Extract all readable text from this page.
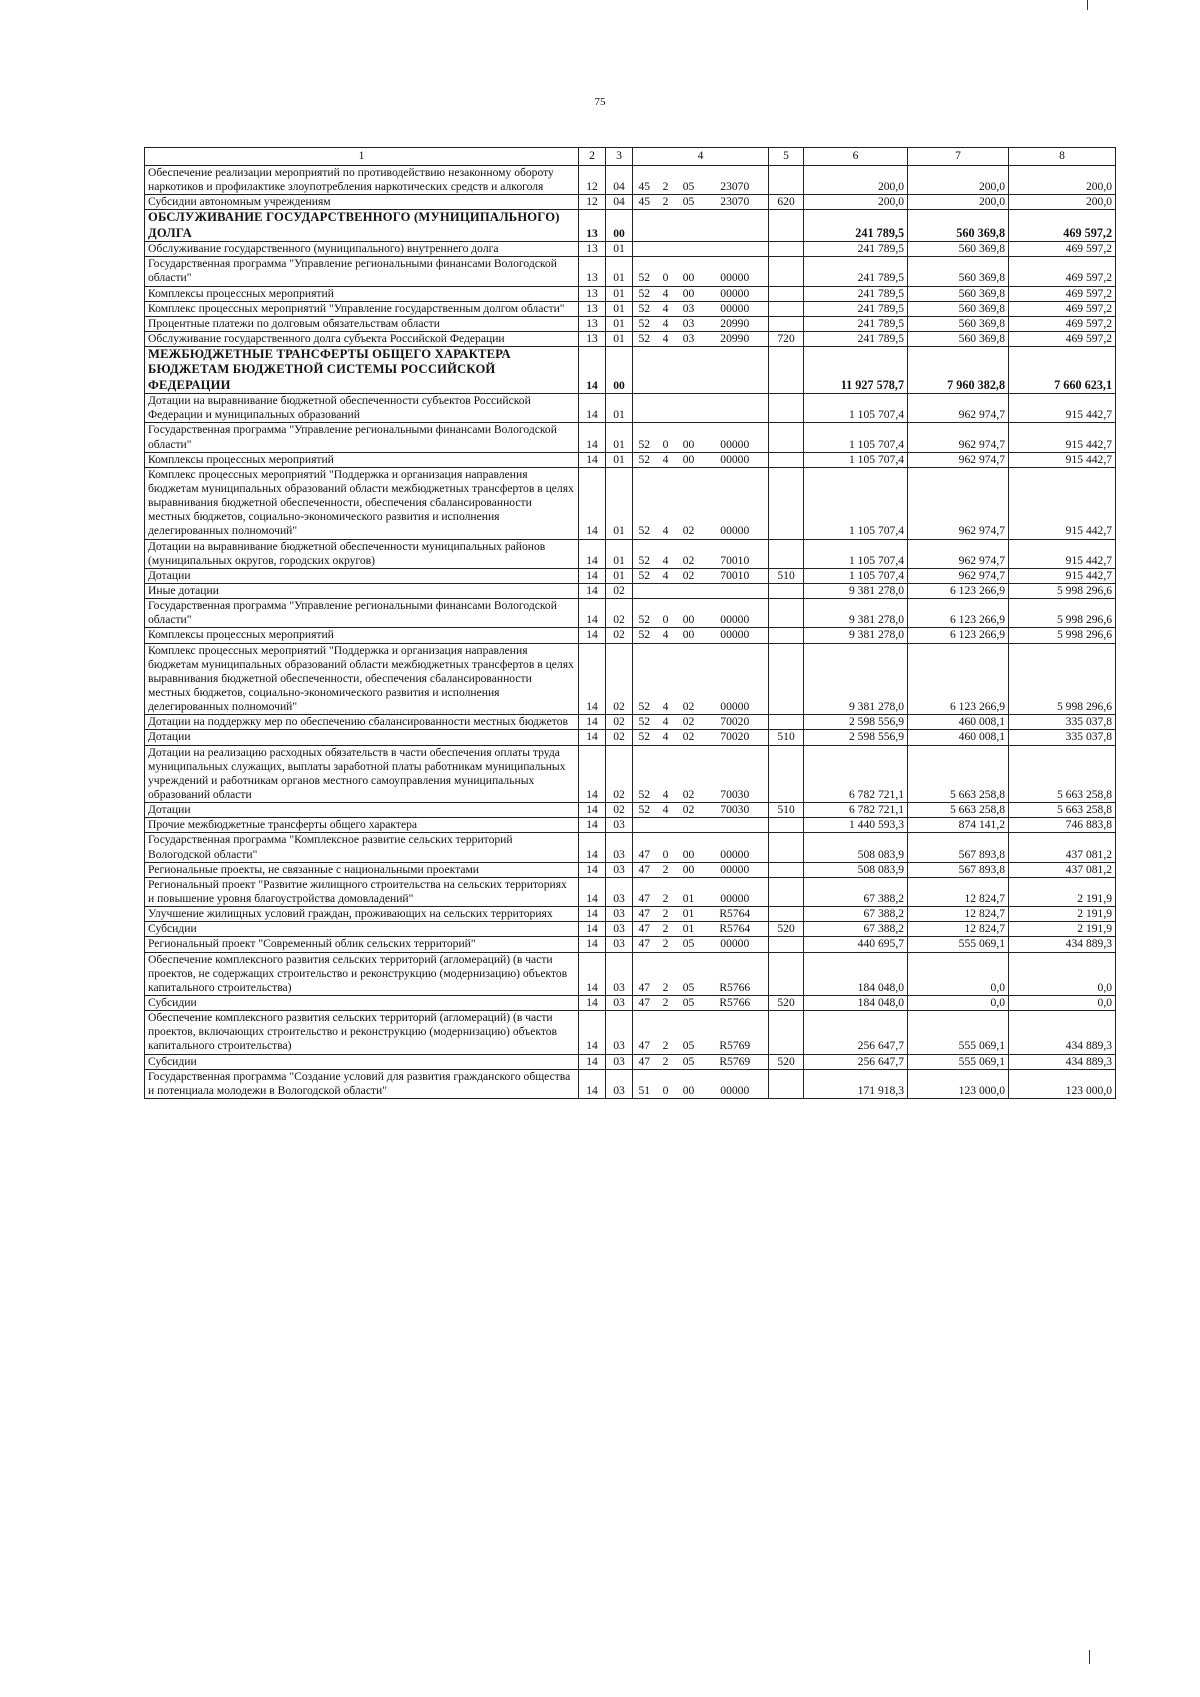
75
1	2	3	4				5	6	7	8
Обеспечение реализации мероприятий по противодействию незаконному обороту наркотиков и профилактике злоупотребления наркотических средств и алкоголя	12	04	45	2	05	23070		200,0	200,0	200,0
Субсидии автономным учреждениям	12	04	45	2	05	23070	620	200,0	200,0	200,0
ОБСЛУЖИВАНИЕ ГОСУДАРСТВЕННОГО (МУНИЦИПАЛЬНОГО) ДОЛГА	13	00						241 789,5	560 369,8	469 597,2
Обслуживание государственного (муниципального) внутреннего долга	13	01						241 789,5	560 369,8	469 597,2
Государственная программа "Управление региональными финансами Вологодской области"	13	01	52	0	00	00000		241 789,5	560 369,8	469 597,2
Комплексы процессных мероприятий	13	01	52	4	00	00000		241 789,5	560 369,8	469 597,2
Комплекс процессных мероприятий "Управление государственным долгом области"	13	01	52	4	03	00000		241 789,5	560 369,8	469 597,2
Процентные платежи по долговым обязательствам области	13	01	52	4	03	20990		241 789,5	560 369,8	469 597,2
Обслуживание государственного долга субъекта Российской Федерации	13	01	52	4	03	20990	720	241 789,5	560 369,8	469 597,2
МЕЖБЮДЖЕТНЫЕ ТРАНСФЕРТЫ ОБЩЕГО ХАРАКТЕРА БЮДЖЕТАМ БЮДЖЕТНОЙ СИСТЕМЫ РОССИЙСКОЙ ФЕДЕРАЦИИ	14	00						11 927 578,7	7 960 382,8	7 660 623,1
Дотации на выравнивание бюджетной обеспеченности субъектов Российской Федерации и муниципальных образований	14	01						1 105 707,4	962 974,7	915 442,7
Государственная программа "Управление региональными финансами Вологодской области"	14	01	52	0	00	00000		1 105 707,4	962 974,7	915 442,7
Комплексы процессных мероприятий	14	01	52	4	00	00000		1 105 707,4	962 974,7	915 442,7
Комплекс процессных мероприятий "Поддержка и организация направления бюджетам муниципальных образований области межбюджетных трансфертов в целях выравнивания бюджетной обеспеченности, обеспечения сбалансированности местных бюджетов, социально-экономического развития и исполнения делегированных полномочий"	14	01	52	4	02	00000		1 105 707,4	962 974,7	915 442,7
Дотации на выравнивание бюджетной обеспеченности муниципальных районов (муниципальных округов, городских округов)	14	01	52	4	02	70010		1 105 707,4	962 974,7	915 442,7
Дотации	14	01	52	4	02	70010	510	1 105 707,4	962 974,7	915 442,7
Иные дотации	14	02						9 381 278,0	6 123 266,9	5 998 296,6
Государственная программа "Управление региональными финансами Вологодской области"	14	02	52	0	00	00000		9 381 278,0	6 123 266,9	5 998 296,6
Комплексы процессных мероприятий	14	02	52	4	00	00000		9 381 278,0	6 123 266,9	5 998 296,6
Комплекс процессных мероприятий "Поддержка и организация направления бюджетам муниципальных образований области межбюджетных трансфертов в целях выравнивания бюджетной обеспеченности, обеспечения сбалансированности местных бюджетов, социально-экономического развития и исполнения делегированных полномочий"	14	02	52	4	02	00000		9 381 278,0	6 123 266,9	5 998 296,6
Дотации на поддержку мер по обеспечению сбалансированности местных бюджетов	14	02	52	4	02	70020		2 598 556,9	460 008,1	335 037,8
Дотации	14	02	52	4	02	70020	510	2 598 556,9	460 008,1	335 037,8
Дотации на реализацию расходных обязательств в части обеспечения оплаты труда муниципальных служащих, выплаты заработной платы работникам муниципальных учреждений и работникам органов местного самоуправления муниципальных образований области	14	02	52	4	02	70030		6 782 721,1	5 663 258,8	5 663 258,8
Дотации	14	02	52	4	02	70030	510	6 782 721,1	5 663 258,8	5 663 258,8
Прочие межбюджетные трансферты общего характера	14	03						1 440 593,3	874 141,2	746 883,8
Государственная программа "Комплексное развитие сельских территорий Вологодской области"	14	03	47	0	00	00000		508 083,9	567 893,8	437 081,2
Региональные проекты, не связанные с национальными проектами	14	03	47	2	00	00000		508 083,9	567 893,8	437 081,2
Региональный проект "Развитие жилищного строительства на сельских территориях и повышение уровня благоустройства домовладений"	14	03	47	2	01	00000		67 388,2	12 824,7	2 191,9
Улучшение жилищных условий граждан, проживающих на сельских территориях	14	03	47	2	01	R5764		67 388,2	12 824,7	2 191,9
Субсидии	14	03	47	2	01	R5764	520	67 388,2	12 824,7	2 191,9
Региональный проект "Современный облик сельских территорий"	14	03	47	2	05	00000		440 695,7	555 069,1	434 889,3
Обеспечение комплексного развития сельских территорий (агломераций) (в части проектов, не содержащих строительство и реконструкцию (модернизацию) объектов капитального строительства)	14	03	47	2	05	R5766		184 048,0	0,0	0,0
Субсидии	14	03	47	2	05	R5766	520	184 048,0	0,0	0,0
Обеспечение комплексного развития сельских территорий (агломераций) (в части проектов, включающих строительство и реконструкцию (модернизацию) объектов капитального строительства)	14	03	47	2	05	R5769		256 647,7	555 069,1	434 889,3
Субсидии	14	03	47	2	05	R5769	520	256 647,7	555 069,1	434 889,3
Государственная программа "Создание условий для развития гражданского общества и потенциала молодежи в Вологодской области"	14	03	51	0	00	00000		171 918,3	123 000,0	123 000,0
